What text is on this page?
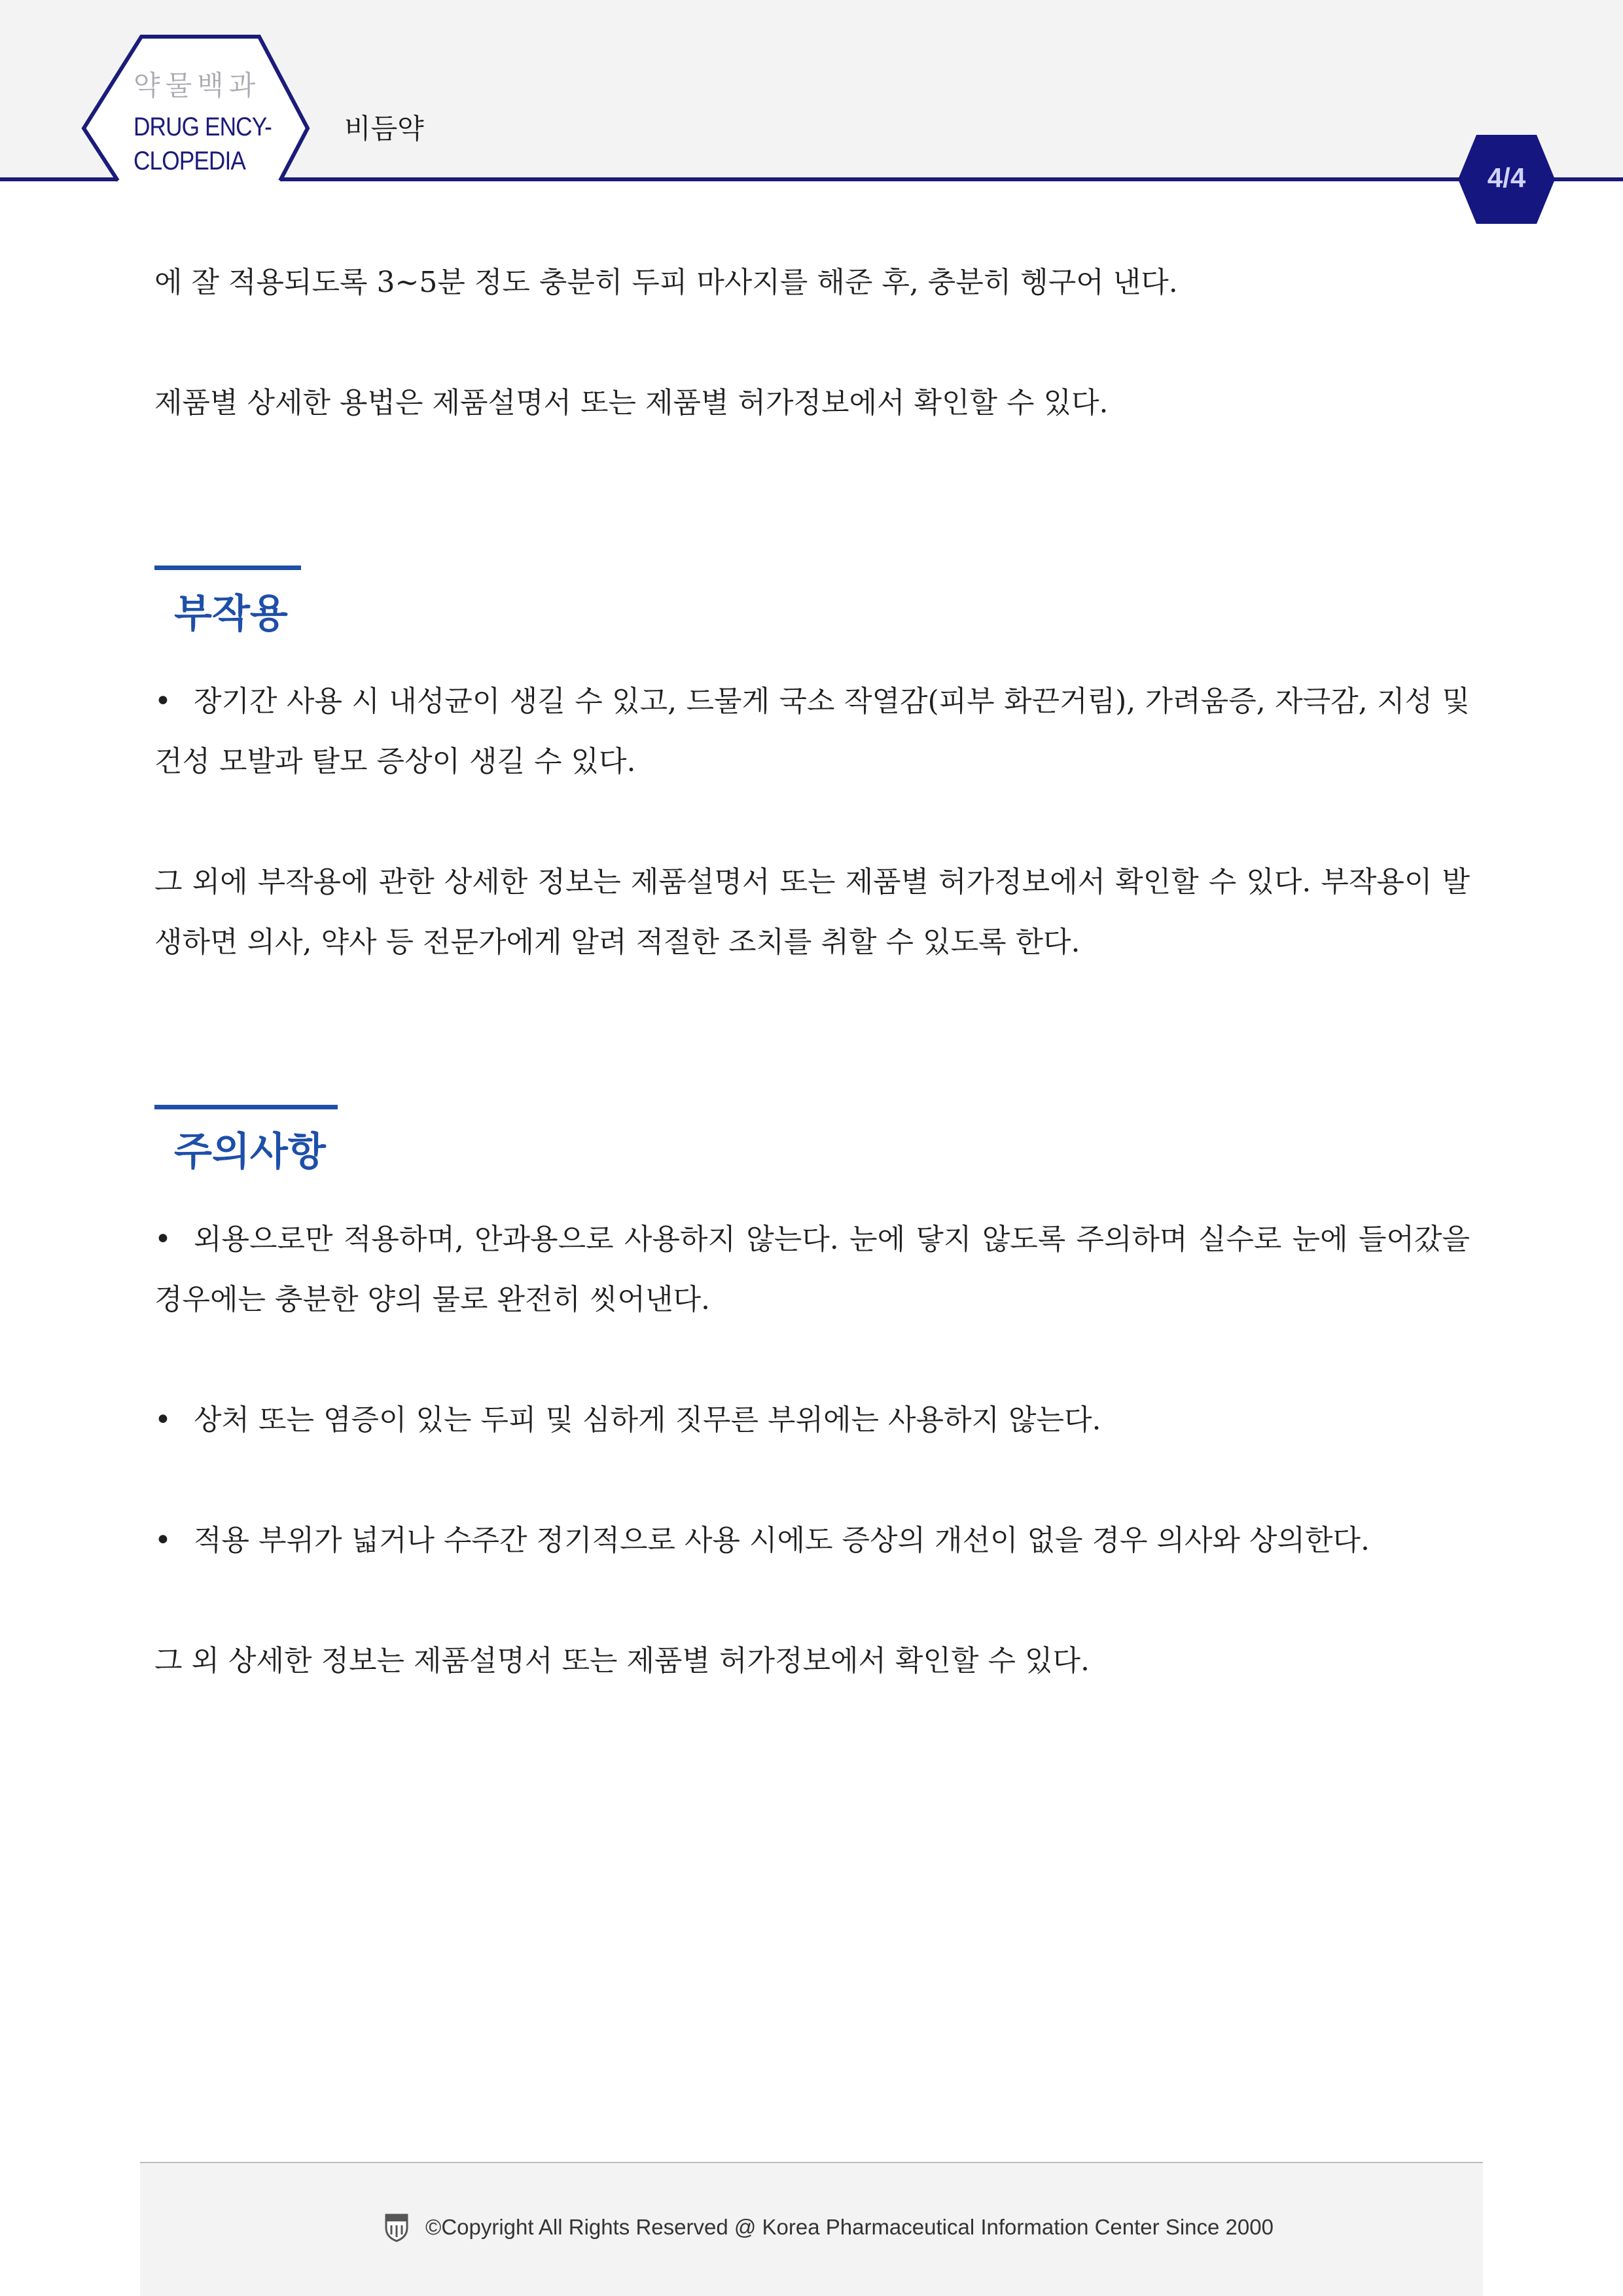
약물백과
DRUG ENCY-
CLOPEDIA
비듬약
4/4
에 잘 적용되도록 3~5분 정도 충분히 두피 마사지를 해준 후, 충분히 헹구어 낸다.
제품별 상세한 용법은 제품설명서 또는 제품별 허가정보에서 확인할 수 있다.
부작용
• 장기간 사용 시 내성균이 생길 수 있고, 드물게 국소 작열감(피부 화끈거림), 가려움증, 자극감, 지성 및 건성 모발과 탈모 증상이 생길 수 있다.
그 외에 부작용에 관한 상세한 정보는 제품설명서 또는 제품별 허가정보에서 확인할 수 있다. 부작용이 발생하면 의사, 약사 등 전문가에게 알려 적절한 조치를 취할 수 있도록 한다.
주의사항
• 외용으로만 적용하며, 안과용으로 사용하지 않는다. 눈에 닿지 않도록 주의하며 실수로 눈에 들어갔을 경우에는 충분한 양의 물로 완전히 씻어낸다.
• 상처 또는 염증이 있는 두피 및 심하게 짓무른 부위에는 사용하지 않는다.
• 적용 부위가 넓거나 수주간 정기적으로 사용 시에도 증상의 개선이 없을 경우 의사와 상의한다.
그 외 상세한 정보는 제품설명서 또는 제품별 허가정보에서 확인할 수 있다.
©Copyright All Rights Reserved @ Korea Pharmaceutical Information Center Since 2000
